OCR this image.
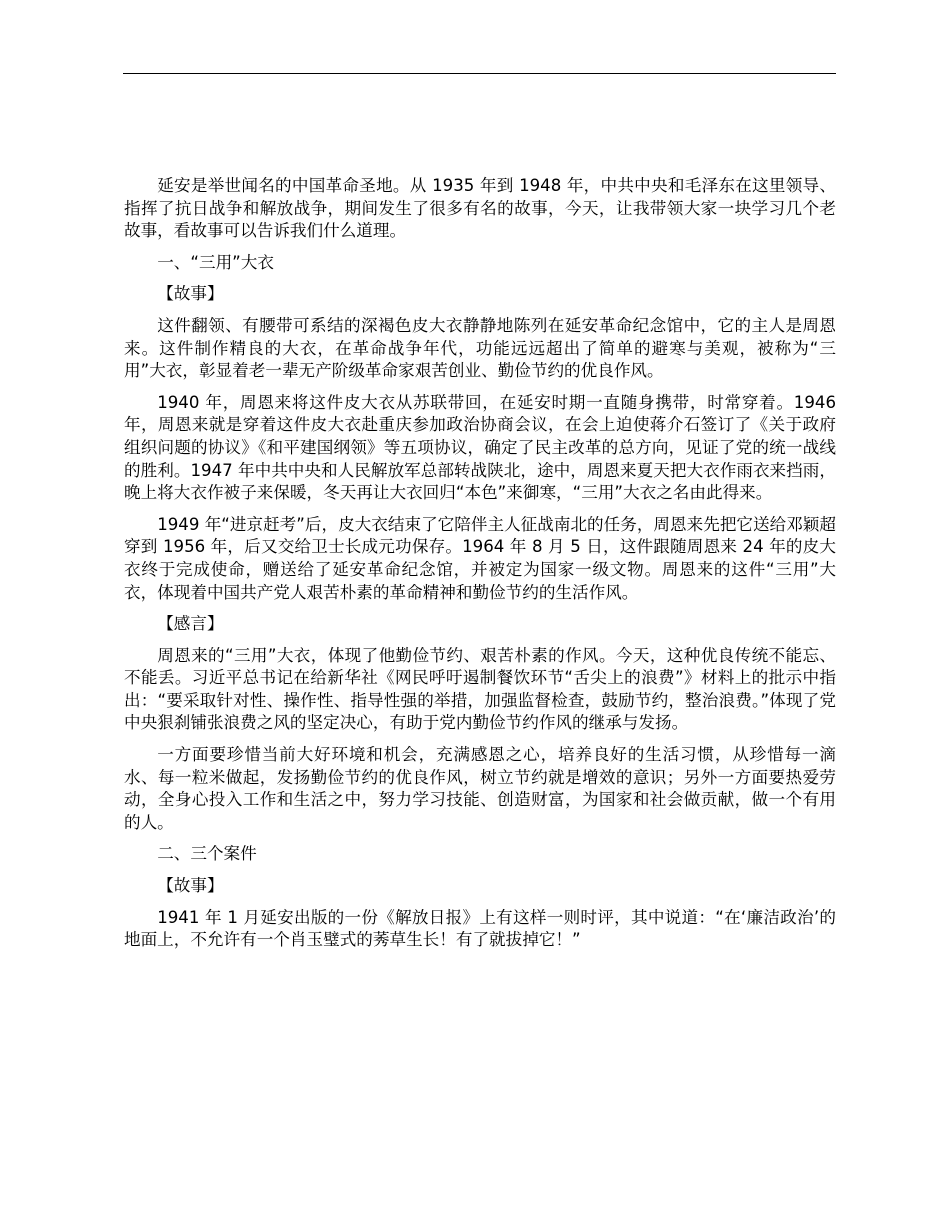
延安是举世闻名的中国革命圣地。从 1935 年到 1948 年，中共中央和毛泽东在这里领导、指挥了抗日战争和解放战争，期间发生了很多有名的故事，今天，让我带领大家一块学习几个老故事，看故事可以告诉我们什么道理。

一、“三用”大衣

【故事】

这件翻领、有腰带可系结的深褐色皮大衣静静地陈列在延安革命纪念馆中，它的主人是周恩来。这件制作精良的大衣，在革命战争年代，功能远远超出了简单的避寒与美观，被称为“三用”大衣，彰显着老一辈无产阶级革命家艰苦创业、勤俭节约的优良作风。

1940 年，周恩来将这件皮大衣从苏联带回，在延安时期一直随身携带，时常穿着。1946 年，周恩来就是穿着这件皮大衣赴重庆参加政治协商会议，在会上迫使蒋介石签订了《关于政府组织问题的协议》《和平建国纲领》等五项协议，确定了民主改革的总方向，见证了党的统一战线的胜利。1947 年中共中央和人民解放军总部转战陕北，途中，周恩来夏天把大衣作雨衣来挡雨，晚上将大衣作被子来保暖，冬天再让大衣回归“本色”来御寒，“三用”大衣之名由此得来。

1949 年“进京赶考”后，皮大衣结束了它陪伴主人征战南北的任务，周恩来先把它送给邓颖超穿到 1956 年，后又交给卫士长成元功保存。1964 年 8 月 5 日，这件跟随周恩来 24 年的皮大衣终于完成使命，赠送给了延安革命纪念馆，并被定为国家一级文物。周恩来的这件“三用”大衣，体现着中国共产党人艰苦朴素的革命精神和勤俭节约的生活作风。

【感言】

周恩来的“三用”大衣，体现了他勤俭节约、艰苦朴素的作风。今天，这种优良传统不能忘、不能丢。习近平总书记在给新华社《网民呼吁遏制餐饮环节“舌尖上的浪费”》材料上的批示中指出：“要采取针对性、操作性、指导性强的举措，加强监督检查，鼓励节约，整治浪费。”体现了党中央狠刹铺张浪费之风的坚定决心，有助于党内勤俭节约作风的继承与发扬。

一方面要珍惜当前大好环境和机会，充满感恩之心，培养良好的生活习惯，从珍惜每一滴水、每一粒米做起，发扬勤俭节约的优良作风，树立节约就是增效的意识；另外一方面要热爱劳动，全身心投入工作和生活之中，努力学习技能、创造财富，为国家和社会做贡献，做一个有用的人。

二、三个案件

【故事】

1941 年 1 月延安出版的一份《解放日报》上有这样一则时评，其中说道：“在‘廉洁政治’的地面上，不允许有一个肖玉璧式的莠草生长！有了就拔掉它！”
